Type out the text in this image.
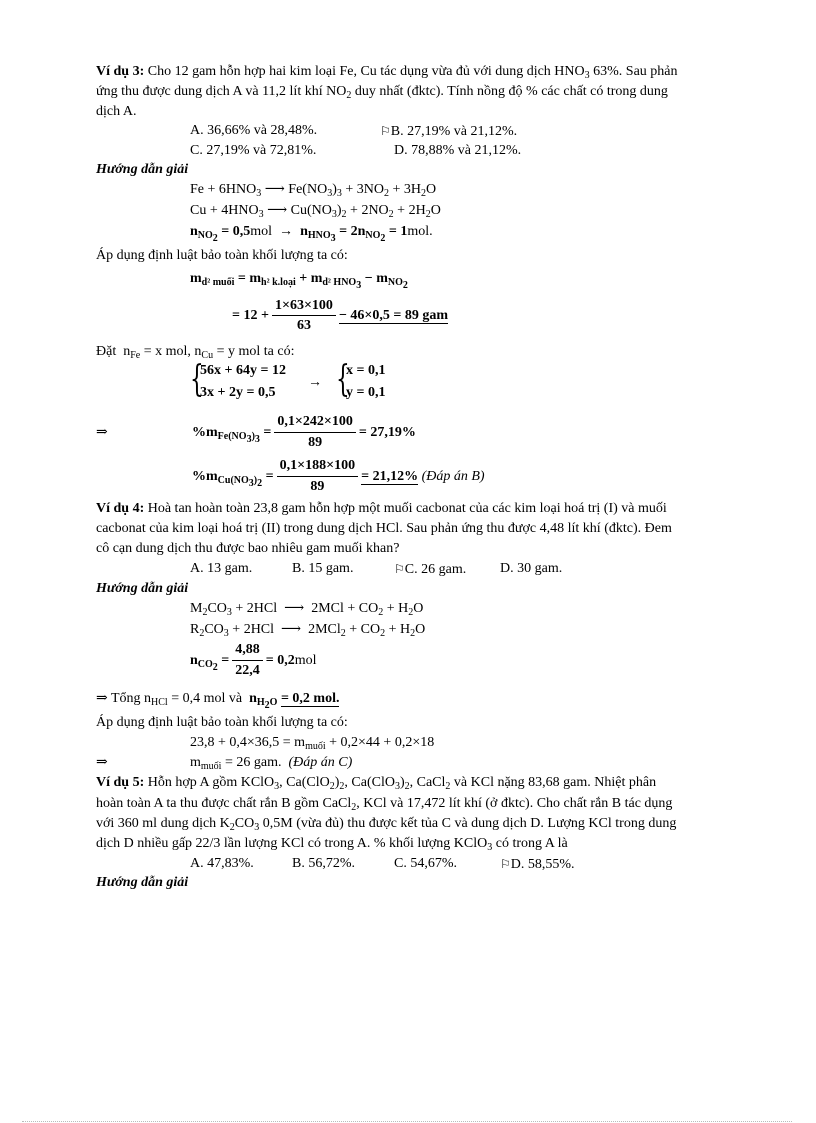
Ví dụ 3: Cho 12 gam hỗn hợp hai kim loại Fe, Cu tác dụng vừa đủ với dung dịch $HNO_3$ 63%. Sau phản
ứng thu được dung dịch A và 11,2 lít khí $NO_2$ duy nhất (đktc). Tính nồng độ % các chất có trong dung
dịch A.
A. 36,66% và 28,48%.	⚐B. 27,19% và 21,12%.
C. 27,19% và 72,81%.	D. 78,88% và 21,12%.
Hướng dẫn giải
$Fe + 6HNO_3$ ⟶ $Fe(NO_3)_3 + 3NO_2 + 3H_2O$
$Cu + 4HNO_3$ ⟶ $Cu(NO_3)_2 + 2NO_2 + 2H_2O$
$n_{NO_2} = 0,5mol \to n_{HNO_3} = 2n_{NO_2} = 1mol$.
Áp dụng định luật bảo toàn khối lượng ta có:
$m_{d^2 muối} = m_{h^2 k.loại} + m_{d^2 HNO_3} - m_{NO_2}$
= $12 + \frac{1\times 63\times 100}{63} - 46\times 0,5 = 89$ gam
Đặt  $n_{Fe} = x$ mol, $n_{Cu} = y$ mol ta có:
{
56x + 64y = 12
3x + 2y = 0,5
→ {
x = 0,1
y = 0,1
⇒	$\%m_{Fe(NO_3)_3} = \frac{0,1\times 242\times 100}{89} = 27,19\%$
$\%m_{Cu(NO_3)_2} = \frac{0,1\times 188\times 100}{89} = 21,12\%$ (Đáp án B)
Ví dụ 4: Hoà tan hoàn toàn 23,8 gam hỗn hợp một muối cacbonat của các kim loại hoá trị (I) và muối
cacbonat của kim loại hoá trị (II) trong dung dịch HCl. Sau phản ứng thu được 4,48 lít khí (đktc). Đem
cô cạn dung dịch thu được bao nhiêu gam muối khan?
A. 13 gam.	B. 15 gam.	⚐C. 26 gam. D. 30 gam.
Hướng dẫn giải
$M_2CO_3 + 2HCl$  ⟶  $2MCl + CO_2 + H_2O$
$R_2CO_3 + 2HCl$  ⟶  $2MCl_2 + CO_2 + H_2O$
$n_{CO_2} = \frac{4,88}{22,4} = 0,2mol$
⇒ Tổng $n_{HCl} = 0,4$ mol và $n_{H_2O} = 0,2$ mol.
Áp dụng định luật bảo toàn khối lượng ta có:
$23,8 + 0,4\times 36,5 = m_{muối} + 0,2\times 44 + 0,2\times 18$
⇒	$m_{muối} = 26$ gam. (Đáp án C)
Ví dụ 5: Hỗn hợp A gồm KClO$_3$, $Ca(ClO_2)_2$, $Ca(ClO_3)_2$, CaCl$_2$ và KCl nặng 83,68 gam. Nhiệt phân
hoàn toàn A ta thu được chất rắn B gồm CaCl$_2$, KCl và 17,472 lít khí (ở đktc). Cho chất rắn B tác dụng
với 360 ml dung dịch $K_2CO_3$ 0,5M (vừa đủ) thu được kết tủa C và dung dịch D. Lượng KCl trong dung
dịch D nhiều gấp 22/3 lần lượng KCl có trong A. % khối lượng KClO$_3$ có trong A là
A. 47,83%.	B. 56,72%.	C. 54,67%.	⚐D. 58,55%.
Hướng dẫn giải
